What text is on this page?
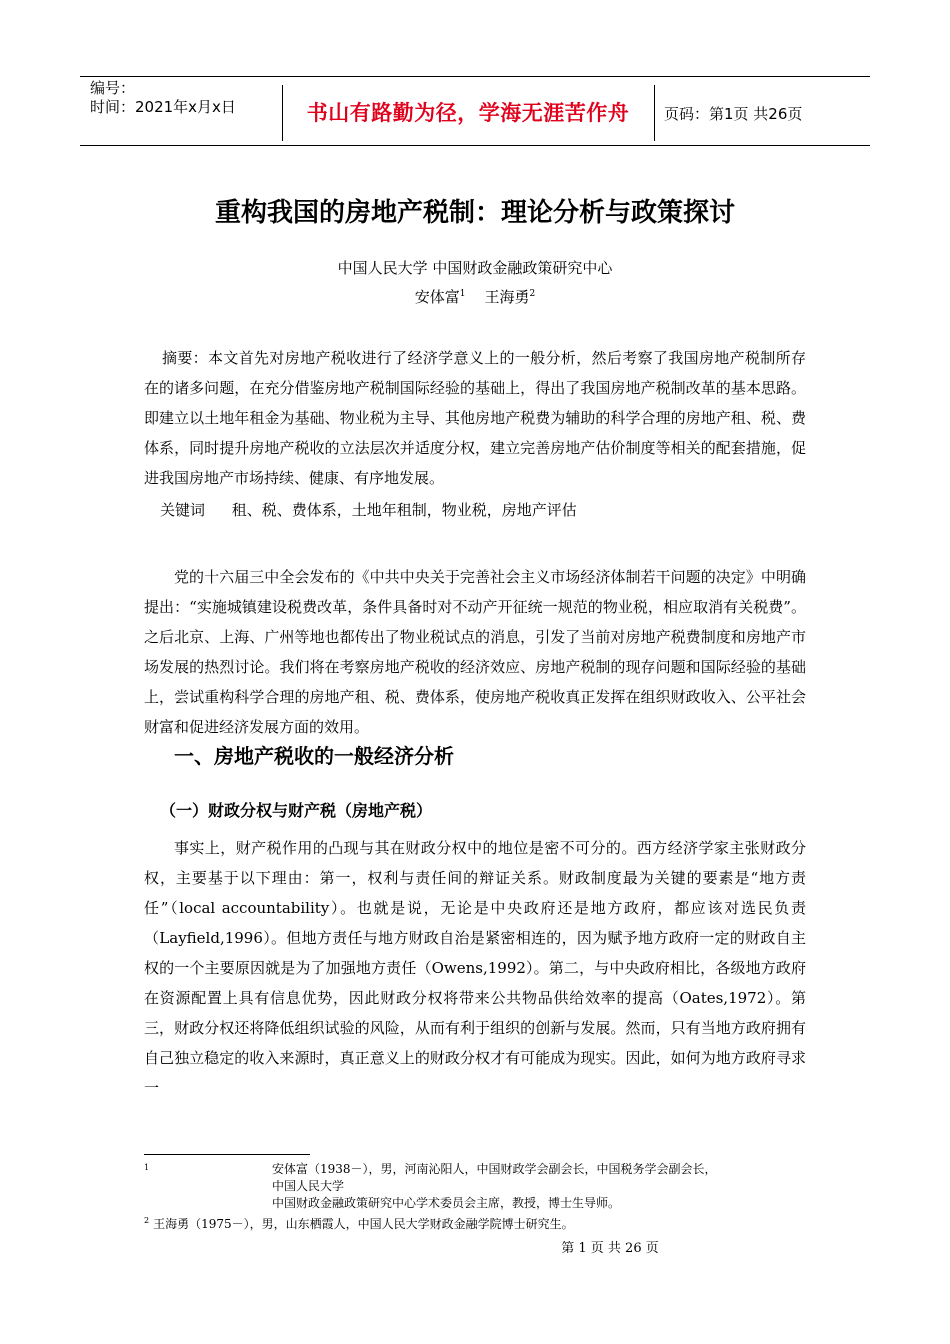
编号：
时间：2021年x月x日	书山有路勤为径，学海无涯苦作舟	页码：第1页 共26页
重构我国的房地产税制：理论分析与政策探讨
中国人民大学 中国财政金融政策研究中心
安体富$^1$ 王海勇$^2$
摘要：本文首先对房地产税收进行了经济学意义上的一般分析，然后考察了我国房地产税制所存在的诸多问题，在充分借鉴房地产税制国际经验的基础上，得出了我国房地产税制改革的基本思路。即建立以土地年租金为基础、物业税为主导、其他房地产税费为辅助的科学合理的房地产租、税、费体系，同时提升房地产税收的立法层次并适度分权，建立完善房地产估价制度等相关的配套措施，促进我国房地产市场持续、健康、有序地发展。
关键词 租、税、费体系，土地年租制，物业税，房地产评估
党的十六届三中全会发布的《中共中央关于完善社会主义市场经济体制若干问题的决定》中明确提出：“实施城镇建设税费改革，条件具备时对不动产开征统一规范的物业税，相应取消有关税费”。之后北京、上海、广州等地也都传出了物业税试点的消息，引发了当前对房地产税费制度和房地产市场发展的热烈讨论。我们将在考察房地产税收的经济效应、房地产税制的现存问题和国际经验的基础上，尝试重构科学合理的房地产租、税、费体系，使房地产税收真正发挥在组织财政收入、公平社会财富和促进经济发展方面的效用。
一、房地产税收的一般经济分析
（一）财政分权与财产税（房地产税）
事实上，财产税作用的凸现与其在财政分权中的地位是密不可分的。西方经济学家主张财政分权，主要基于以下理由：第一，权利与责任间的辩证关系。财政制度最为关键的要素是“地方责任”（local accountability）。也就是说，无论是中央政府还是地方政府，都应该对选民负责（Layfield,1996）。但地方责任与地方财政自治是紧密相连的，因为赋予地方政府一定的财政自主权的一个主要原因就是为了加强地方责任（Owens,1992）。第二，与中央政府相比，各级地方政府在资源配置上具有信息优势，因此财政分权将带来公共物品供给效率的提高（Oates,1972）。第三，财政分权还将降低组织试验的风险，从而有利于组织的创新与发展。然而，只有当地方政府拥有自己独立稳定的收入来源时，真正意义上的财政分权才有可能成为现实。因此，如何为地方政府寻求一
1	安体富（1938－），男，河南沁阳人，中国财政学会副会长，中国税务学会副会长，
中国人民大学
中国财政金融政策研究中心学术委员会主席，教授，博士生导师。
$^2$ 王海勇（1975－），男，山东栖霞人，中国人民大学财政金融学院博士研究生。
第 1 页 共 26 页
